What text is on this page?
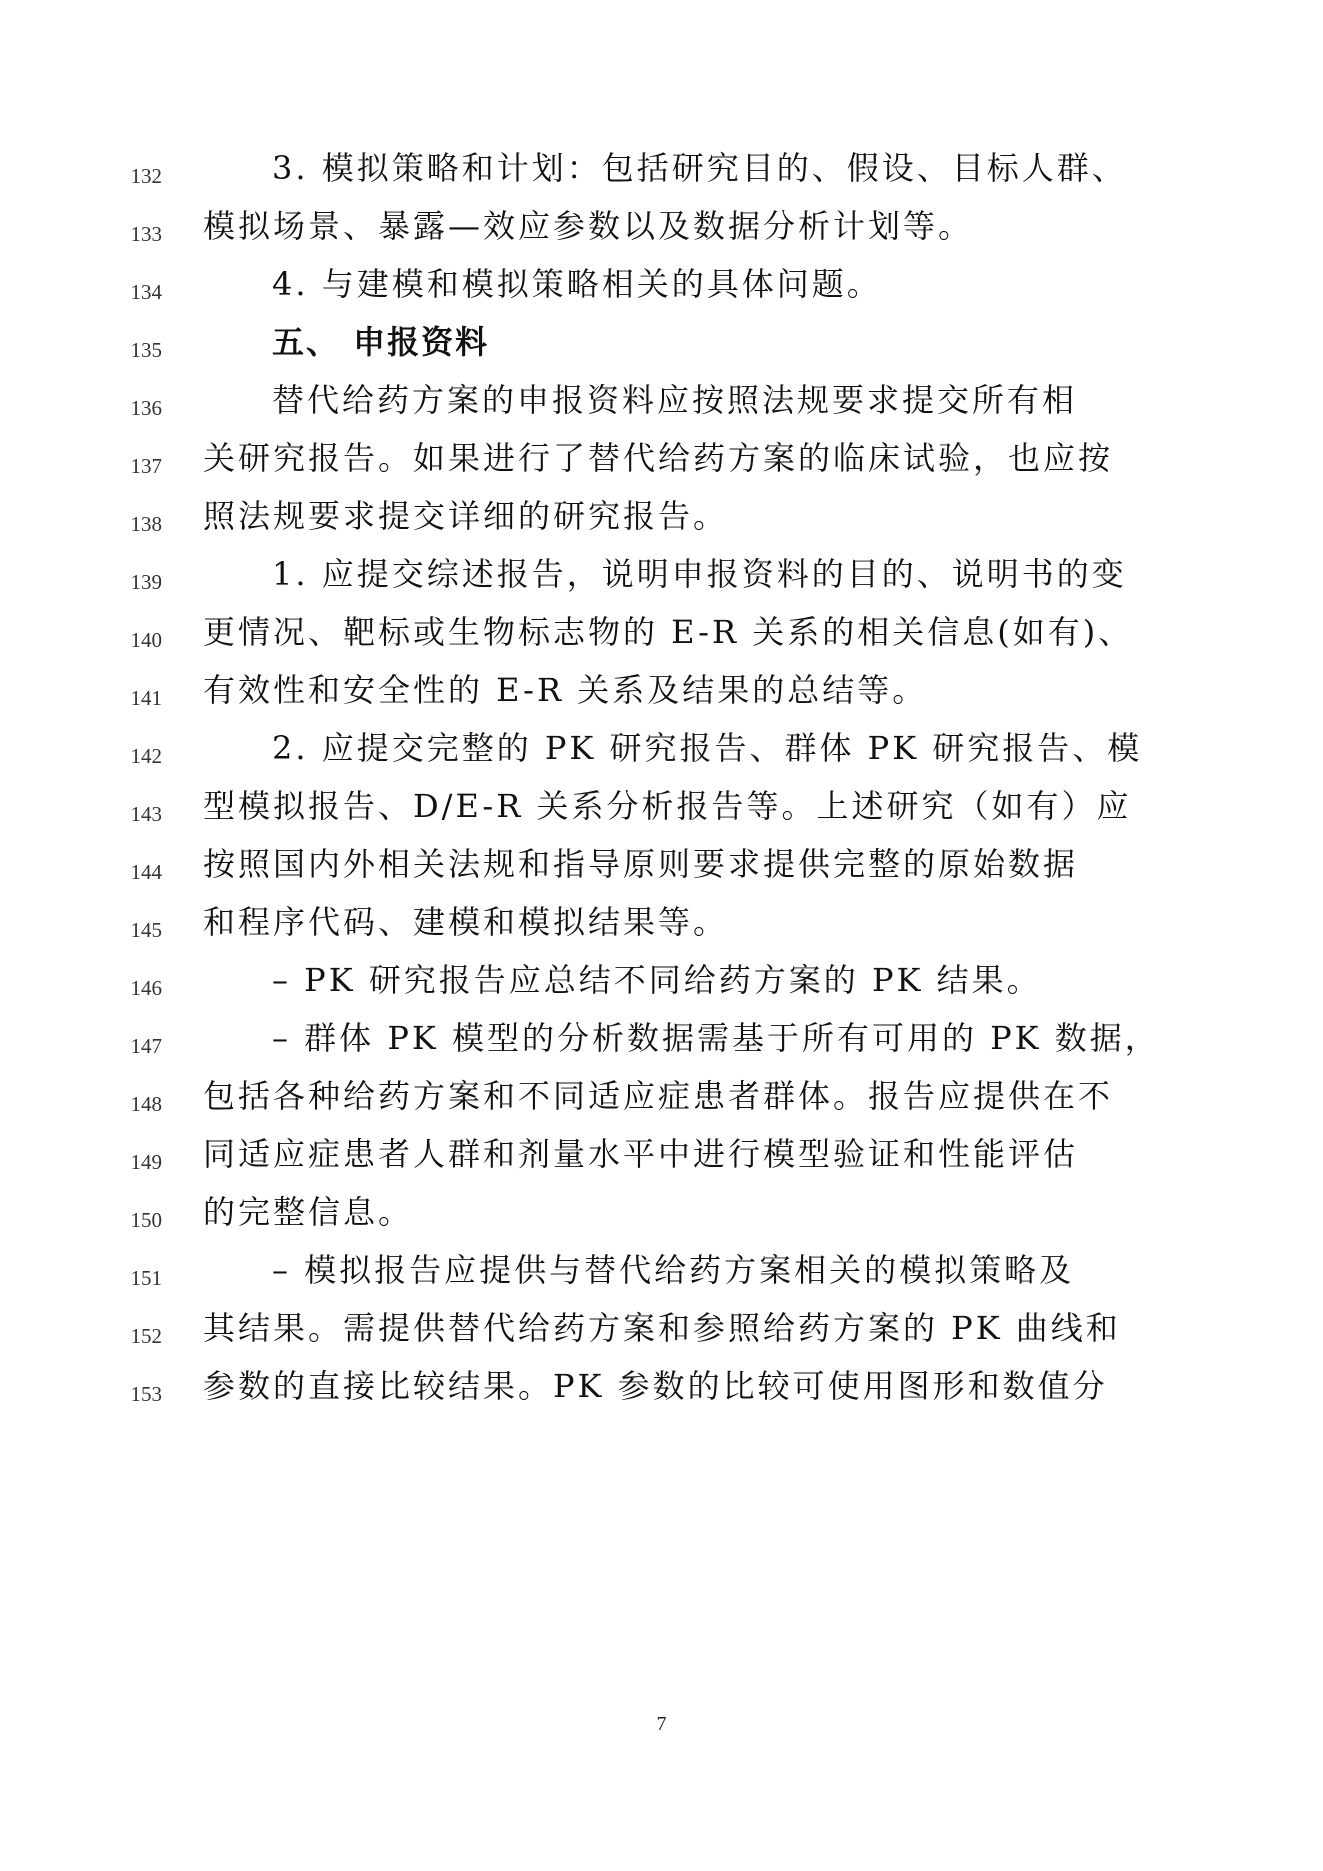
132	3. 模拟策略和计划：包括研究目的、假设、目标人群、
133 模拟场景、暴露—效应参数以及数据分析计划等。
134	4. 与建模和模拟策略相关的具体问题。
135	五、 申报资料
136	替代给药方案的申报资料应按照法规要求提交所有相
137 关研究报告。如果进行了替代给药方案的临床试验，也应按
138 照法规要求提交详细的研究报告。
139	1. 应提交综述报告，说明申报资料的目的、说明书的变
140 更情况、靶标或生物标志物的 E-R 关系的相关信息(如有)、
141 有效性和安全性的 E-R 关系及结果的总结等。
142	2. 应提交完整的 PK 研究报告、群体 PK 研究报告、模
143 型模拟报告、D/E-R 关系分析报告等。上述研究（如有）应
144 按照国内外相关法规和指导原则要求提供完整的原始数据
145 和程序代码、建模和模拟结果等。
146	– PK 研究报告应总结不同给药方案的 PK 结果。
147	– 群体 PK 模型的分析数据需基于所有可用的 PK 数据，
148 包括各种给药方案和不同适应症患者群体。报告应提供在不
149 同适应症患者人群和剂量水平中进行模型验证和性能评估
150 的完整信息。
151	– 模拟报告应提供与替代给药方案相关的模拟策略及
152 其结果。需提供替代给药方案和参照给药方案的 PK 曲线和
153 参数的直接比较结果。PK 参数的比较可使用图形和数值分
7
